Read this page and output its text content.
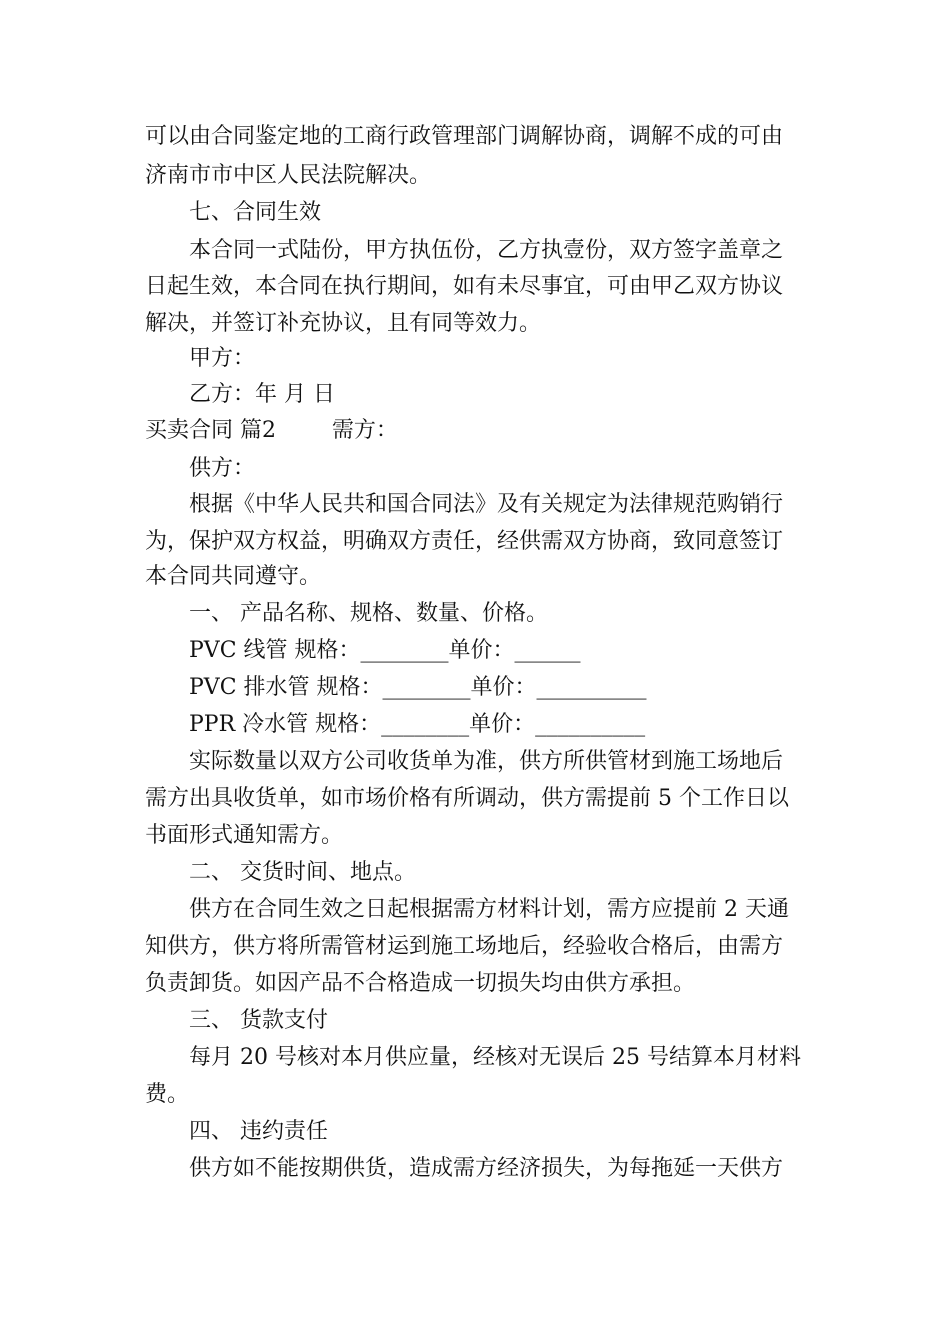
可以由合同鉴定地的工商行政管理部门调解协商，调解不成的可由
济南市市中区人民法院解决。
七、合同生效
本合同一式陆份，甲方执伍份，乙方执壹份，双方签字盖章之
日起生效，本合同在执行期间，如有未尽事宜，可由甲乙双方协议
解决，并签订补充协议，且有同等效力。
甲方：
乙方：年 月 日
买卖合同 篇2        需方：
供方：
根据《中华人民共和国合同法》及有关规定为法律规范购销行
为，保护双方权益，明确双方责任，经供需双方协商，致同意签订
本合同共同遵守。
一、 产品名称、规格、数量、价格。
PVC 线管 规格：________单价：______
PVC 排水管 规格：________单价：__________
PPR 冷水管 规格：________单价：__________
实际数量以双方公司收货单为准，供方所供管材到施工场地后
需方出具收货单，如市场价格有所调动，供方需提前 5 个工作日以
书面形式通知需方。
二、 交货时间、地点。
供方在合同生效之日起根据需方材料计划，需方应提前 2 天通
知供方，供方将所需管材运到施工场地后，经验收合格后，由需方
负责卸货。如因产品不合格造成一切损失均由供方承担。
三、 货款支付
每月 20 号核对本月供应量，经核对无误后 25 号结算本月材料
费。
四、 违约责任
供方如不能按期供货，造成需方经济损失，为每拖延一天供方
